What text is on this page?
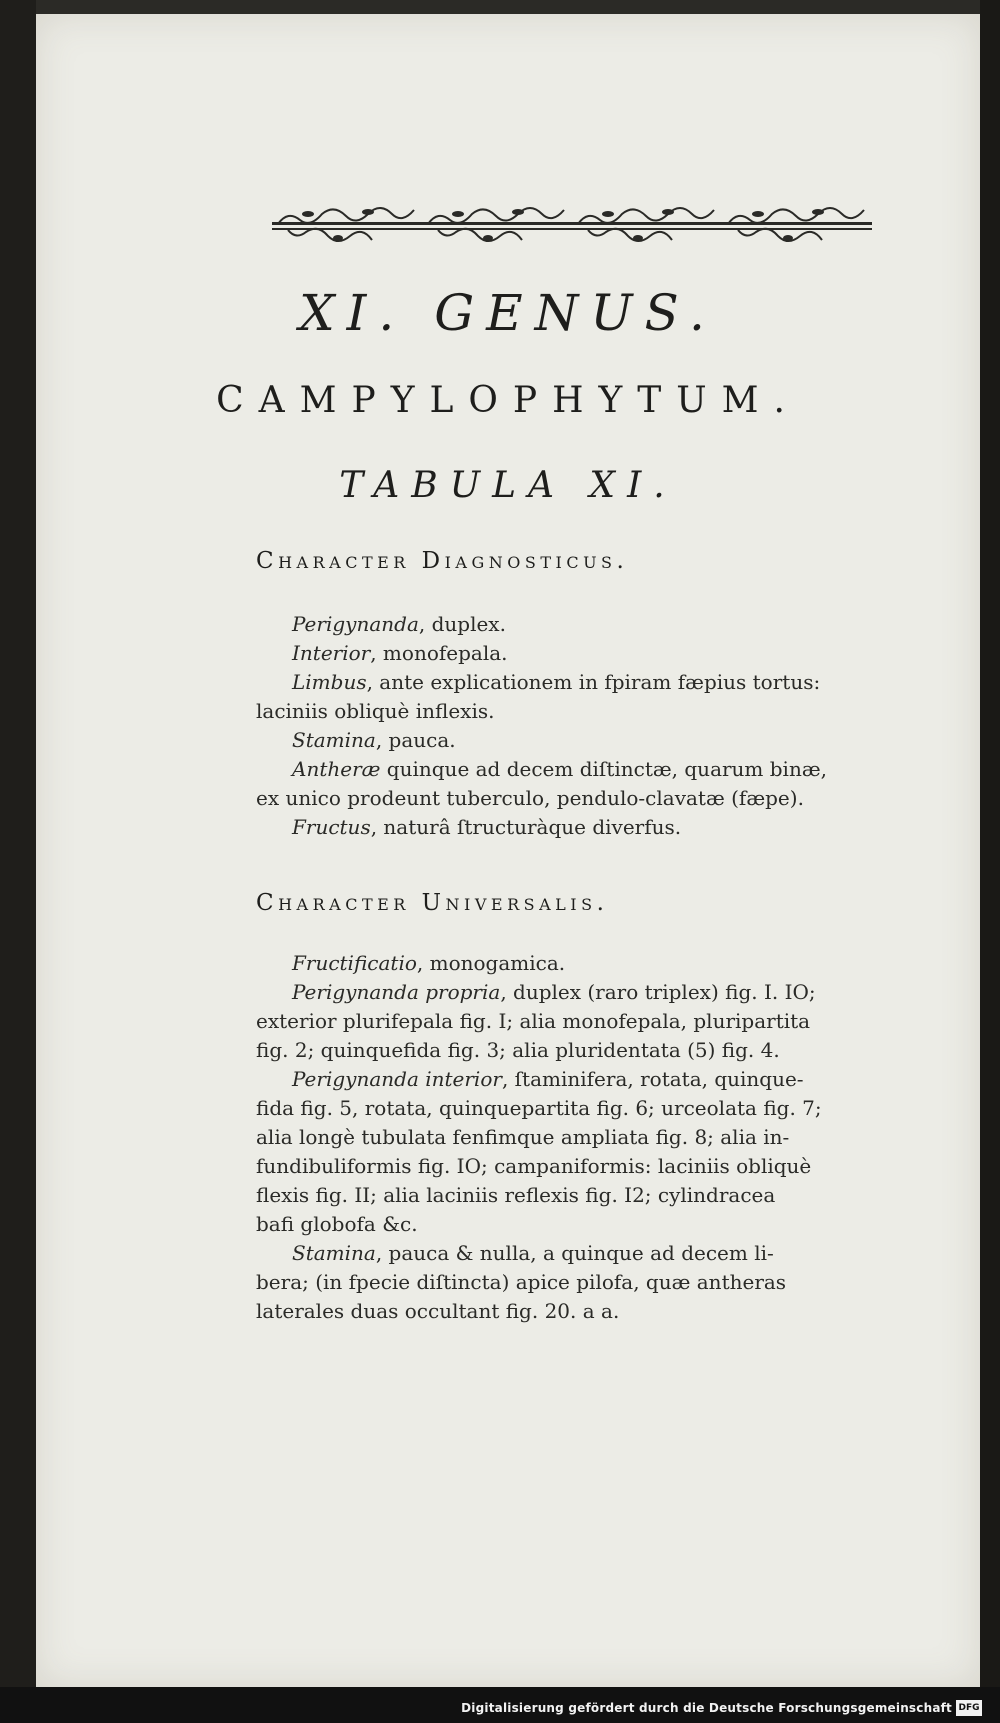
XI. GENUS.
CAMPYLOPHYTUM.
TABULA XI.
Character Diagnosticus.
Perigynanda, duplex.
Interior, monofepala.
Limbus, ante explicationem in fpiram fæpius tortus:
laciniis obliquè inflexis.
Stamina, pauca.
Antheræ quinque ad decem diſtinctæ, quarum binæ,
ex unico prodeunt tuberculo, pendulo-clavatæ (fæpe).
Fructus, naturâ ſtructuràque diverfus.
Character Universalis.
Fructificatio, monogamica.
Perigynanda propria, duplex (raro triplex) fig. I. IO;
exterior plurifepala fig. I; alia monofepala, pluripartita
fig. 2; quinquefida fig. 3; alia pluridentata (5) fig. 4.
Perigynanda interior, ſtaminifera, rotata, quinque-
fida fig. 5, rotata, quinquepartita fig. 6; urceolata fig. 7;
alia longè tubulata fenfimque ampliata fig. 8; alia in-
fundibuliformis fig. IO; campaniformis: laciniis obliquè
flexis fig. II; alia laciniis reflexis fig. I2; cylindracea
bafi globofa &c.
Stamina, pauca & nulla, a quinque ad decem li-
bera; (in fpecie diſtincta) apice pilofa, quæ antheras
laterales duas occultant fig. 20. a a.
Digitalisierung gefördert durch die Deutsche Forschungsgemeinschaft DFG
